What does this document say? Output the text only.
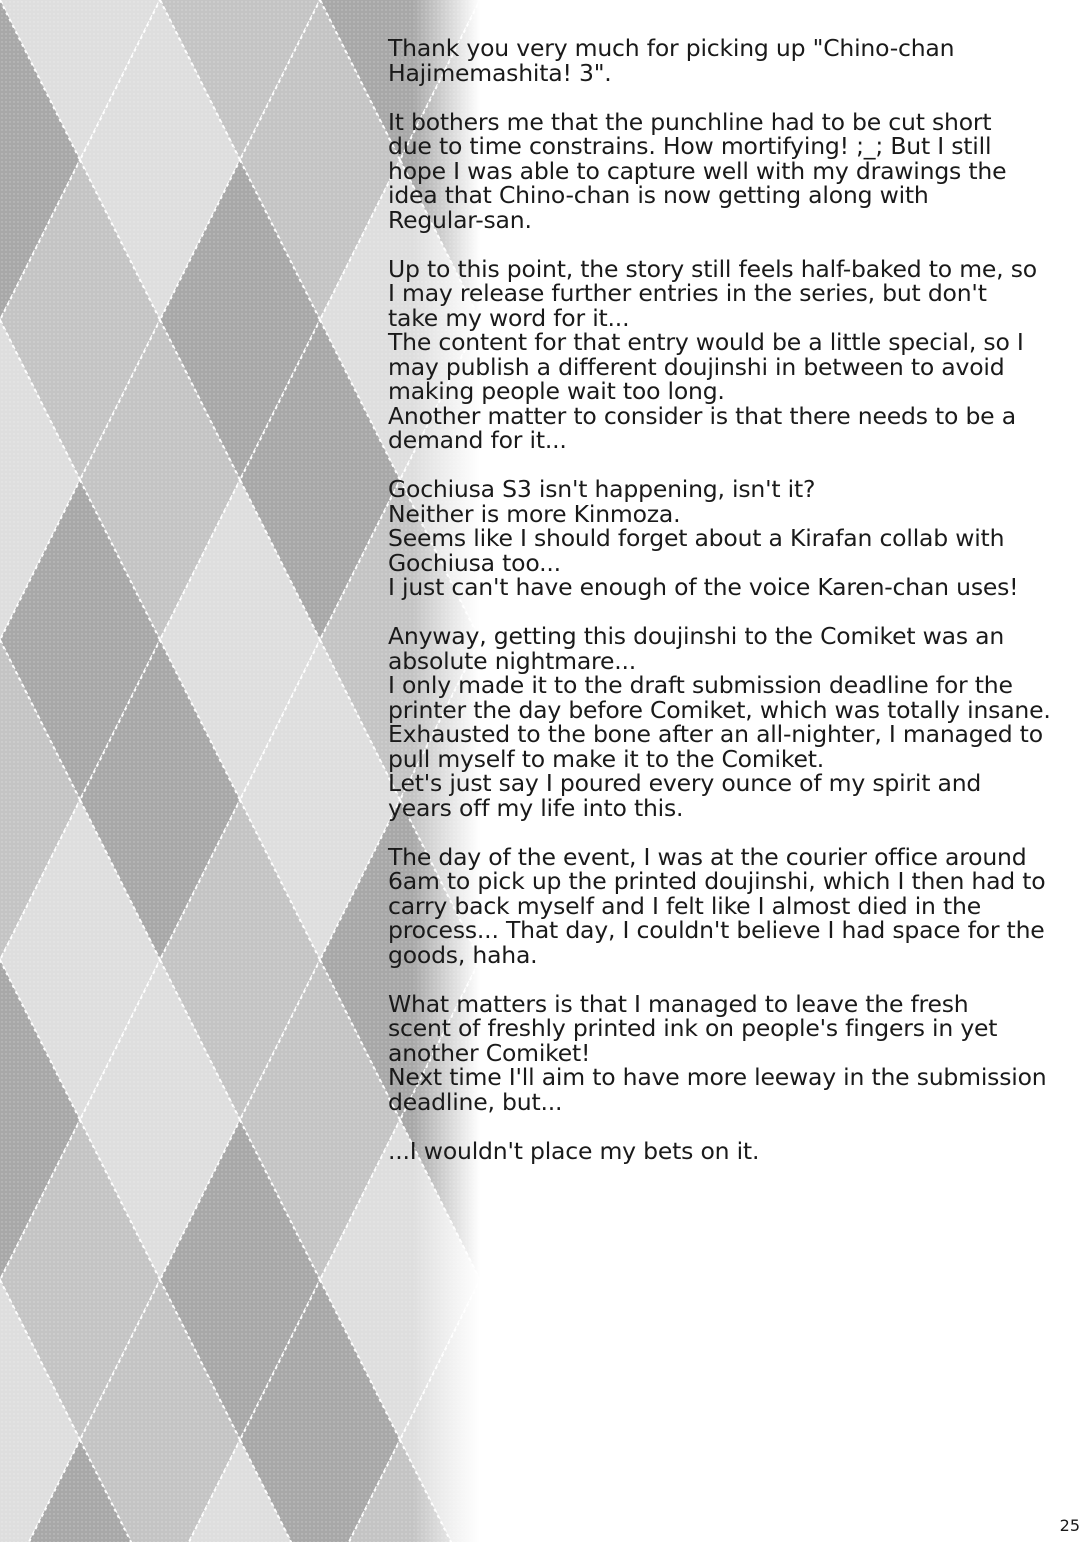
Thank you very much for picking up "Chino-chan
Hajimemashita! 3".

It bothers me that the punchline had to be cut short
due to time constrains. How mortifying! ;_; But I still
hope I was able to capture well with my drawings the
idea that Chino-chan is now getting along with
Regular-san.

Up to this point, the story still feels half-baked to me, so
I may release further entries in the series, but don't
take my word for it...
The content for that entry would be a little special, so I
may publish a different doujinshi in between to avoid
making people wait too long.
Another matter to consider is that there needs to be a
demand for it...

Gochiusa S3 isn't happening, isn't it?
Neither is more Kinmoza.
Seems like I should forget about a Kirafan collab with
Gochiusa too...
I just can't have enough of the voice Karen-chan uses!

Anyway, getting this doujinshi to the Comiket was an
absolute nightmare...
I only made it to the draft submission deadline for the
printer the day before Comiket, which was totally insane.
Exhausted to the bone after an all-nighter, I managed to
pull myself to make it to the Comiket.
Let's just say I poured every ounce of my spirit and
years off my life into this.

The day of the event, I was at the courier office around
6am to pick up the printed doujinshi, which I then had to
carry back myself and I felt like I almost died in the
process... That day, I couldn't believe I had space for the
goods, haha.

What matters is that I managed to leave the fresh
scent of freshly printed ink on people's fingers in yet
another Comiket!
Next time I'll aim to have more leeway in the submission
deadline, but...

...I wouldn't place my bets on it.

25
